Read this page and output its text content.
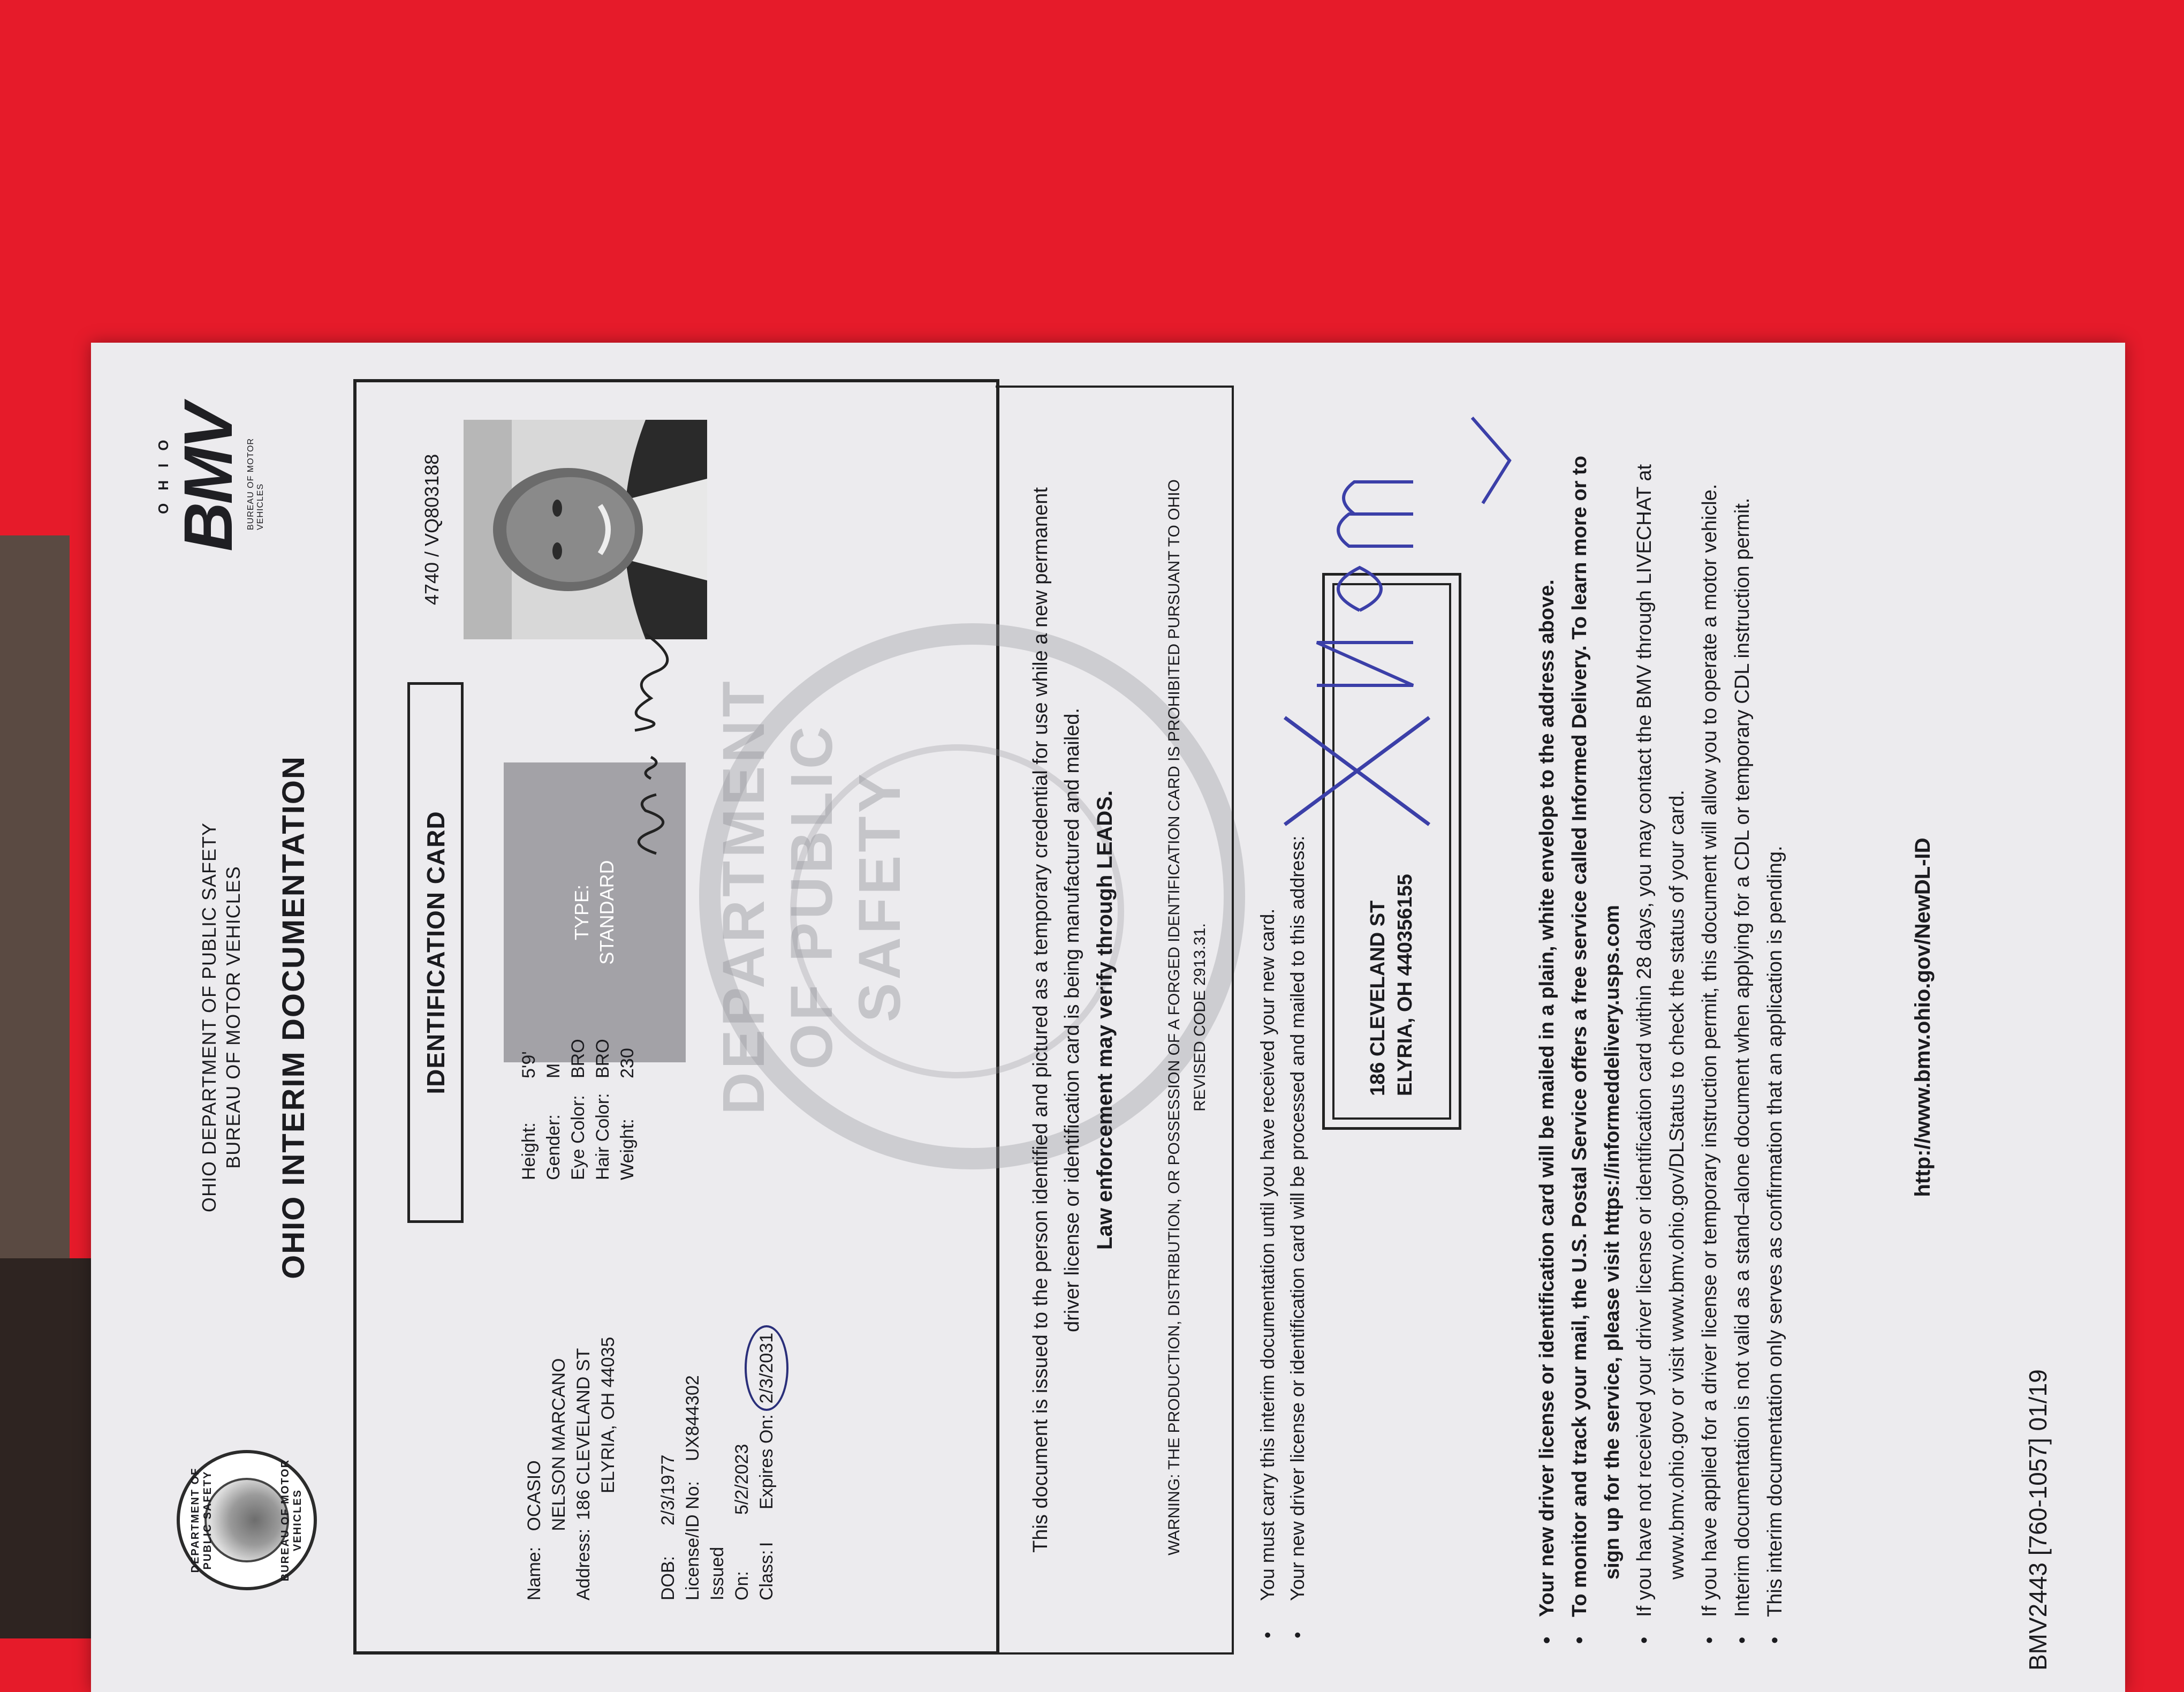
DEPARTMENT OF PUBLIC SAFETY	BUREAU OF MOTOR VEHICLES
OHIO DEPARTMENT OF PUBLIC SAFETY BUREAU OF MOTOR VEHICLES OHIO INTERIM DOCUMENTATION
OHIO
BMV BUREAU OF MOTOR VEHICLES
DEPARTMENT OF PUBLIC SAFETY
IDENTIFICATION CARD	TYPE: STANDARD
4740 / VQ803188
Name: OCASIO NELSON MARCANO
Address:186 CLEVELAND ST ELYRIA, OH 44035
DOB:2/3/1977 License/ID No:UX844302
Issued On:5/2/2023
Class:IExpires On:2/3/2031
Height:5'9'
Gender:M
Eye Color:BRO
Hair Color:BRO
Weight:230	This document is issued to the person identified and pictured as a temporary credential for use while a new permanent driver license or identification card is being manufactured and mailed. Law enforcement may verify through LEADS.	WARNING: THE PRODUCTION, DISTRIBUTION, OR POSSESSION OF A FORGED IDENTIFICATION CARD IS PROHIBITED PURSUANT TO OHIO REVISED CODE 2913.31. • You must carry this interim documentation until you have received your new card. • Your new driver license or identification card will be processed and mailed to this address:	186 CLEVELAND ST ELYRIA, OH 440356155	• Your new driver license or identification card will be mailed in a plain, white envelope to the address above. • To monitor and track your mail, the U.S. Postal Service offers a free service called Informed Delivery. To learn more or to sign up for the service, please visit https://informeddelivery.usps.com • If you have not received your driver license or identification card within 28 days, you may contact the BMV through LIVECHAT at www.bmv.ohio.gov or visit www.bmv.ohio.gov/DLStatus to check the status of your card. • If you have applied for a driver license or temporary instruction permit, this document will allow you to operate a motor vehicle. • Interim documentation is not valid as a stand–alone document when applying for a CDL or temporary CDL instruction permit. • This interim documentation only serves as confirmation that an application is pending.	http://www.bmv.ohio.gov/NewDL-ID
BMV2443 [760-1057] 01/19
